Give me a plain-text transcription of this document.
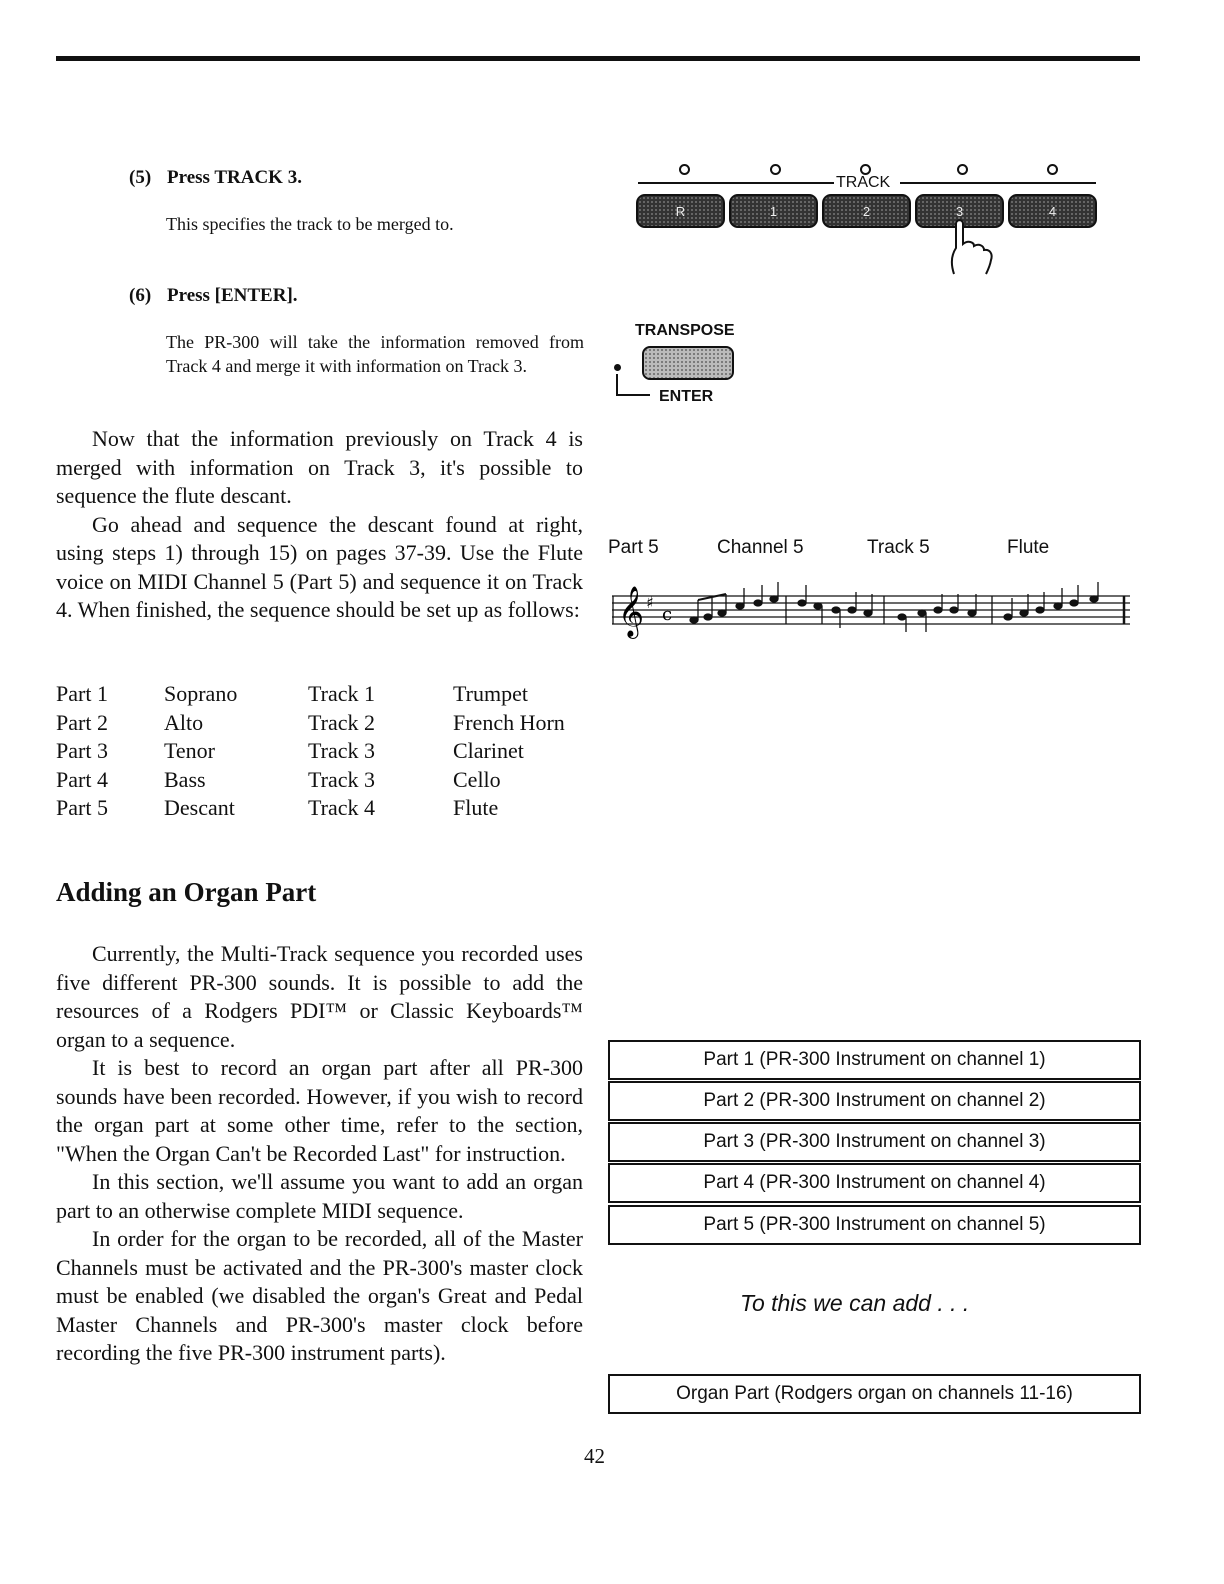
(5) Press TRACK 3.
This specifies the track to be merged to.
(6) Press [ENTER].
The PR-300 will take the information removed from Track 4 and merge it with information on Track 3.

Now that the information previously on Track 4 is merged with information on Track 3, it's possible to sequence the flute descant.

Go ahead and sequence the descant found at right, using steps 1) through 15) on pages 37-39. Use the Flute voice on MIDI Channel 5 (Part 5) and sequence it on Track 4. When finished, the sequence should be set up as follows:

Part 1	Soprano	Track 1	Trumpet
Part 2	Alto	Track 2	French Horn
Part 3	Tenor	Track 3	Clarinet
Part 4	Bass	Track 3	Cello
Part 5	Descant	Track 4	Flute
Adding an Organ Part

Currently, the Multi-Track sequence you recorded uses five different PR-300 sounds. It is possible to add the resources of a Rodgers PDI™ or Classic Keyboards™ organ to a sequence.

It is best to record an organ part after all PR-300 sounds have been recorded. However, if you wish to record the organ part at some other time, refer to the section, "When the Organ Can't be Recorded Last" for instruction.

In this section, we'll assume you want to add an organ part to an otherwise complete MIDI sequence.

In order for the organ to be recorded, all of the Master Channels must be activated and the PR-300's master clock must be enabled (we disabled the organ's Great and Pedal Master Channels and PR-300's master clock before recording the five PR-300 instrument parts).

TRACK
R	1	2	3	4
TRANSPOSE
ENTER
Part 5	Channel 5	Track 5	Flute
𝄞 ♯
c
Part 1 (PR-300 Instrument on channel 1)
Part 2 (PR-300 Instrument on channel 2)
Part 3 (PR-300 Instrument on channel 3)
Part 4 (PR-300 Instrument on channel 4)
Part 5 (PR-300 Instrument on channel 5)
To this we can add . . .
Organ Part (Rodgers organ on channels 11-16)
42
